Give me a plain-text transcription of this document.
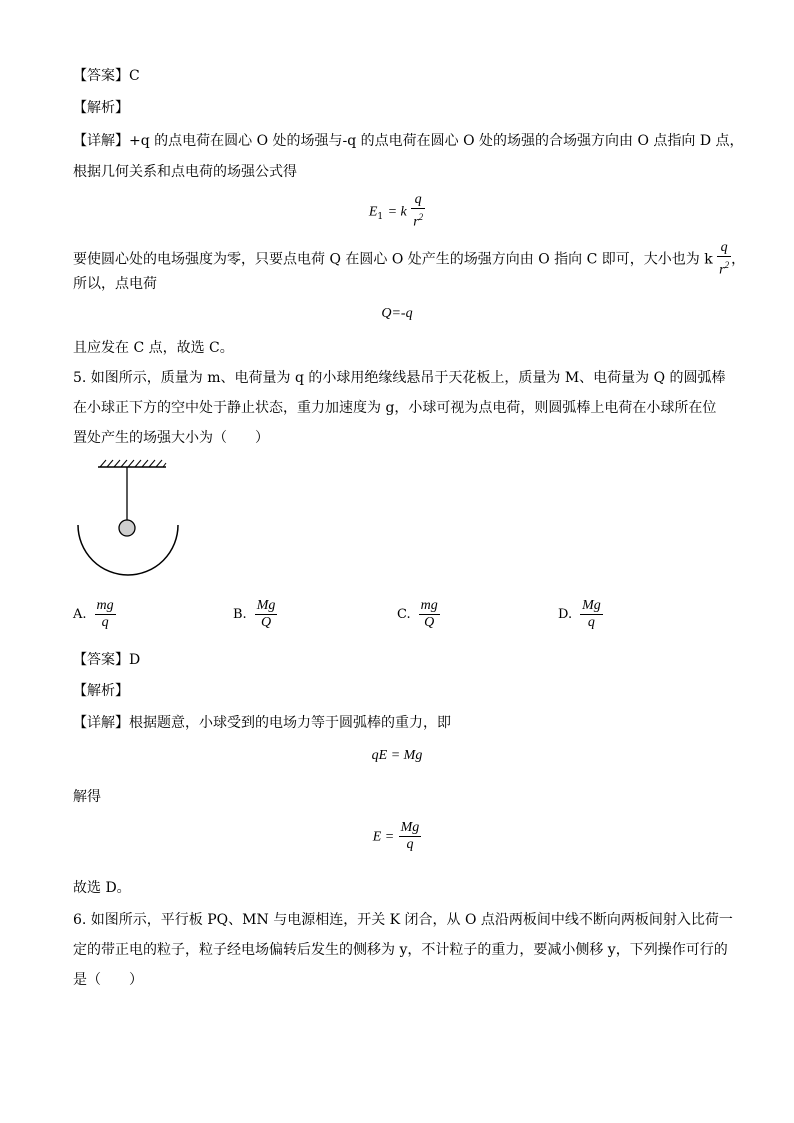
【答案】C
【解析】
【详解】+q 的点电荷在圆心 O 处的场强与-q 的点电荷在圆心 O 处的场强的合场强方向由 O 点指向 D 点，
根据几何关系和点电荷的场强公式得
$E_1 = k \frac{q}{r^2}$
要使圆心处的电场强度为零，只要点电荷 Q 在圆心 O 处产生的场强方向由 O 指向 C 即可，大小也为 k $\frac{q}{r^2}$ ，
所以，点电荷
Q=-q
且应发在 C 点，故选 C。
5. 如图所示，质量为 m、电荷量为 q 的小球用绝缘线悬吊于天花板上，质量为 M、电荷量为 Q 的圆弧棒
在小球正下方的空中处于静止状态，重力加速度为 g，小球可视为点电荷，则圆弧棒上电荷在小球所在位
置处产生的场强大小为（　　）
A. $\frac{mg}{q}$	B. $\frac{Mg}{Q}$	C. $\frac{mg}{Q}$	D. $\frac{Mg}{q}$
【答案】D
【解析】
【详解】根据题意，小球受到的电场力等于圆弧棒的重力，即
qE = Mg
解得
$E = \frac{Mg}{q}$
故选 D。
6. 如图所示，平行板 PQ、MN 与电源相连，开关 K 闭合，从 O 点沿两板间中线不断向两板间射入比荷一
定的带正电的粒子，粒子经电场偏转后发生的侧移为 y，不计粒子的重力，要减小侧移 y，下列操作可行的
是（　　）
